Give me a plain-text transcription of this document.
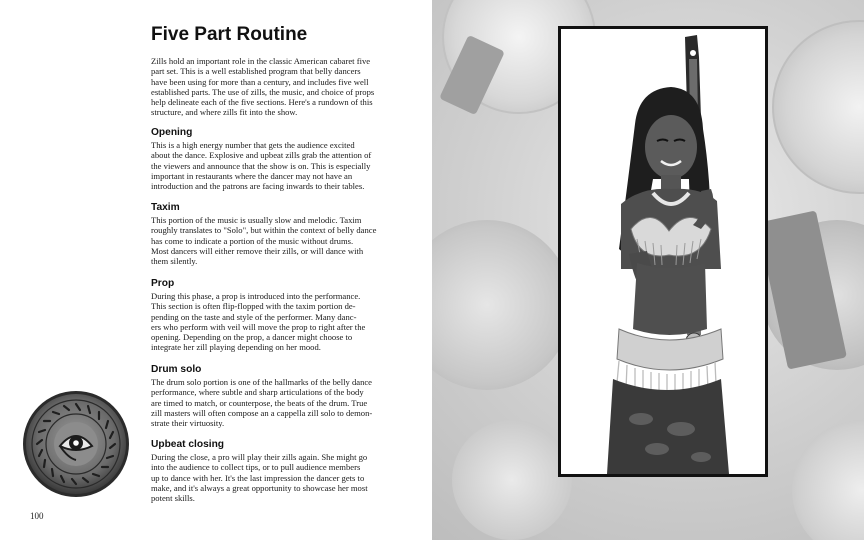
Five Part Routine

Zills hold an important role in the classic American cabaret five
part set. This is a well established program that belly dancers
have been using for more than a century, and includes five well
established parts. The use of zills, the music, and choice of props
help delineate each of the five sections. Here's a rundown of this
structure, and where zills fit into the show.

Opening

This is a high energy number that gets the audience excited
about the dance. Explosive and upbeat zills grab the attention of
the viewers and announce that the show is on. This is especially
important in restaurants where the dancer may not have an
introduction and the patrons are facing inwards to their tables.

Taxim

This portion of the music is usually slow and melodic. Taxim
roughly translates to "Solo", but within the context of belly dance
has come to indicate a portion of the music without drums.
Most dancers will either remove their zills, or will dance with
them silently.

Prop

During this phase, a prop is introduced into the performance.
This section is often flip-flopped with the taxim portion de-
pending on the taste and style of the performer. Many danc-
ers who perform with veil will move the prop to right after the
opening. Depending on the prop, a dancer might choose to
integrate her zill playing depending on her mood.

Drum solo

The drum solo portion is one of the hallmarks of the belly dance
performance, where subtle and sharp articulations of the body
are timed to match, or counterpose, the beats of the drum. True
zill masters will often compose an a cappella zill solo to demon-
strate their virtuosity.

Upbeat closing

During the close, a pro will play their zills again. She might go
into the audience to collect tips, or to pull audience members
up to dance with her. It's the last impression the dancer gets to
make, and it's always a great opportunity to showcase her most
potent skills.

100
